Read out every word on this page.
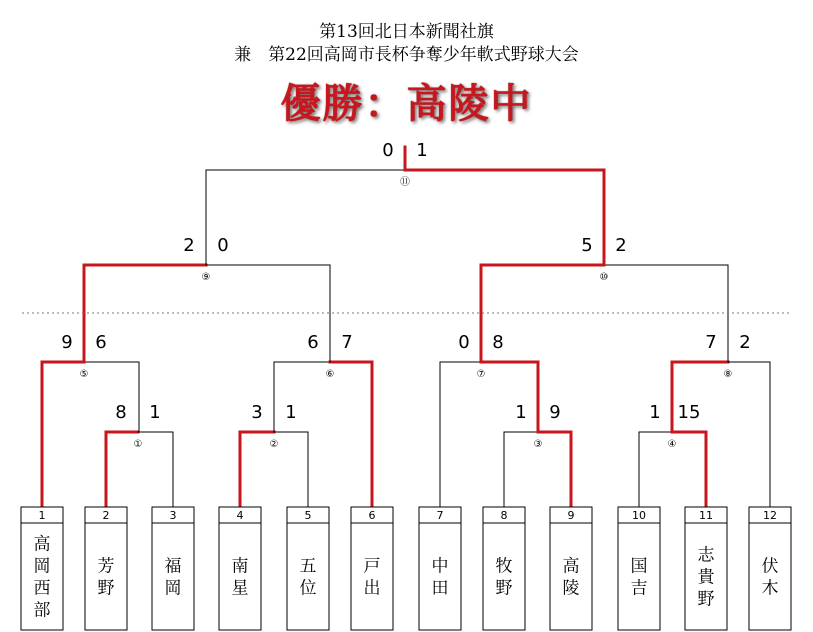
第13回北日本新聞社旗
兼　第22回高岡市長杯争奪少年軟式野球大会
優勝：高陵中
8 1
①
3 1
②
1 9
③
1 15
④
9 6
⑤
6 7
⑥
0 8
⑦
7 2
⑧
2 0
⑨
5 2
⑩
0 1
⑪
1
高岡西部
2
芳野
3
福岡
4
南星
5
五位
6
戸出
7
中田
8
牧野
9
高陵
10
国吉
11
志貴野
12
伏木
